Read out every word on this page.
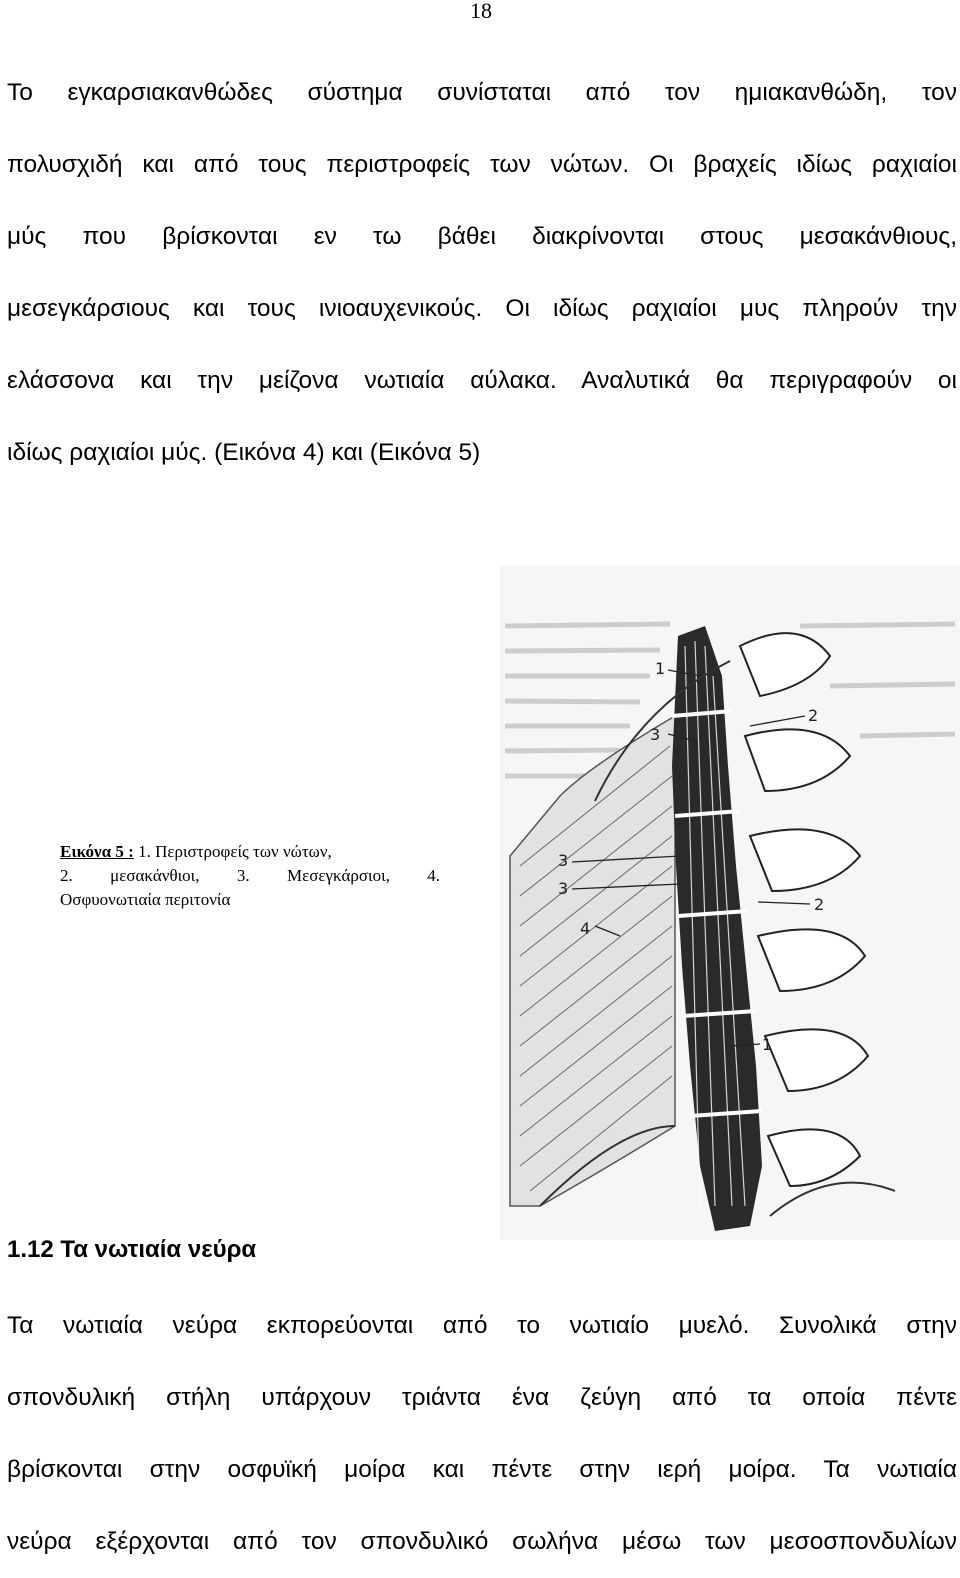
18
Το εγκαρσιακανθώδες σύστημα συνίσταται από τον ημιακανθώδη, τον
πολυσχιδή και από τους περιστροφείς των νώτων. Οι βραχείς ιδίως ραχιαίοι
μύς που βρίσκονται εν τω βάθει διακρίνονται στους μεσακάνθιους,
μεσεγκάρσιους και τους ινιοαυχενικούς. Οι ιδίως ραχιαίοι μυς πληρούν την
ελάσσονα και την μείζονα νωτιαία αύλακα. Αναλυτικά θα περιγραφούν οι
ιδίως ραχιαίοι μύς. (Εικόνα 4) και (Εικόνα 5)
Εικόνα 5 : 1. Περιστροφείς των νώτων,
2. μεσακάνθιοι, 3. Μεσεγκάρσιοι, 4.
Οσφυονωτιαία περιτονία
1
2
3
3
3
4
2
1
1.12 Τα νωτιαία νεύρα
Τα νωτιαία νεύρα εκπορεύονται από το νωτιαίο μυελό. Συνολικά στην
σπονδυλική στήλη υπάρχουν τριάντα ένα ζεύγη από τα οποία πέντε
βρίσκονται στην οσφυϊκή μοίρα και πέντε στην ιερή μοίρα. Τα νωτιαία
νεύρα εξέρχονται από τον σπονδυλικό σωλήνα μέσω των μεσοσπονδυλίων
